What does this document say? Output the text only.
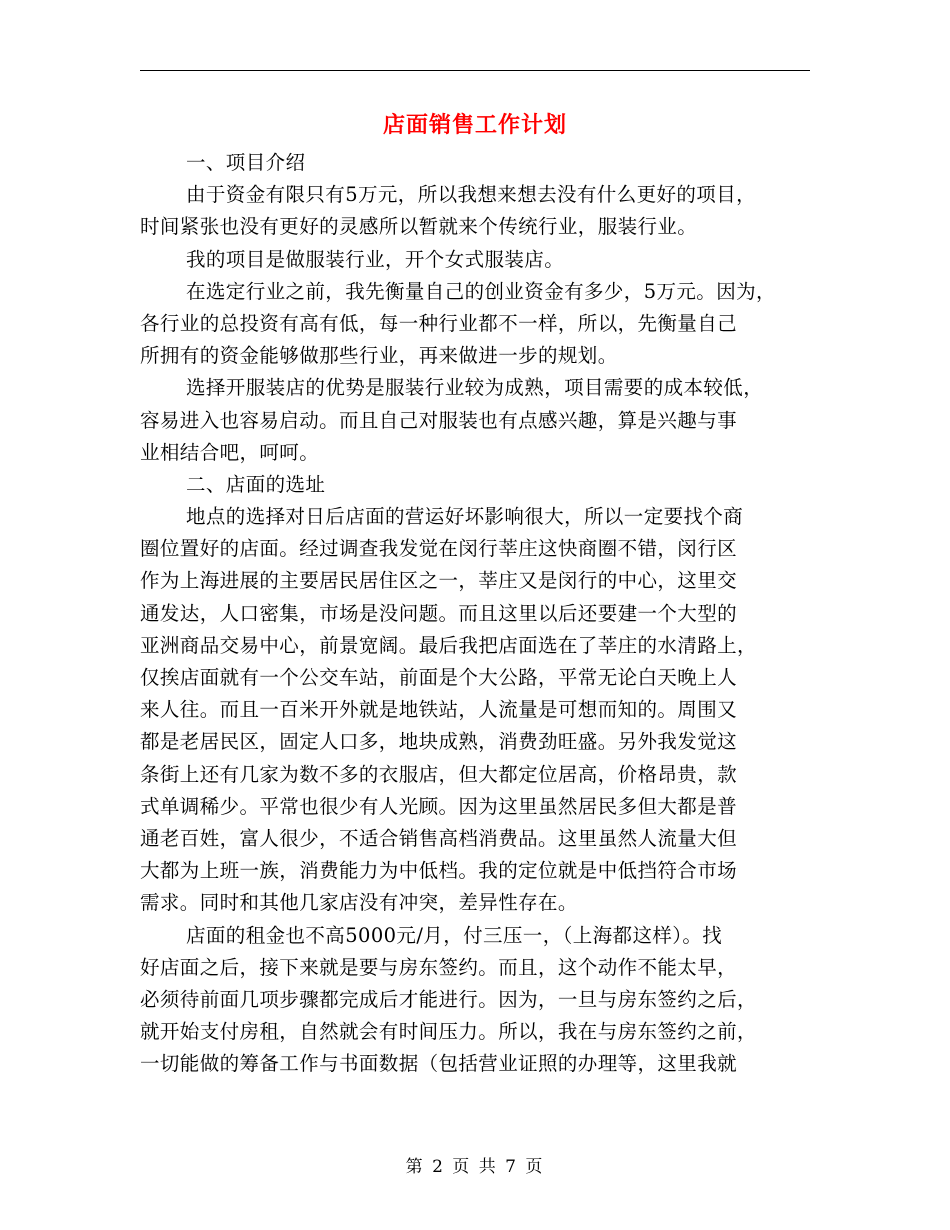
店面销售工作计划
一、项目介绍
由于资金有限只有5万元，所以我想来想去没有什么更好的项目，
时间紧张也没有更好的灵感所以暂就来个传统行业，服装行业。
我的项目是做服装行业，开个女式服装店。
在选定行业之前，我先衡量自己的创业资金有多少，5万元。因为，
各行业的总投资有高有低，每一种行业都不一样，所以，先衡量自己
所拥有的资金能够做那些行业，再来做进一步的规划。
选择开服装店的优势是服装行业较为成熟，项目需要的成本较低，
容易进入也容易启动。而且自己对服装也有点感兴趣，算是兴趣与事
业相结合吧，呵呵。
二、店面的选址
地点的选择对日后店面的营运好坏影响很大，所以一定要找个商
圈位置好的店面。经过调查我发觉在闵行莘庄这快商圈不错，闵行区
作为上海进展的主要居民居住区之一，莘庄又是闵行的中心，这里交
通发达，人口密集，市场是没问题。而且这里以后还要建一个大型的
亚洲商品交易中心，前景宽阔。最后我把店面选在了莘庄的水清路上，
仅挨店面就有一个公交车站，前面是个大公路，平常无论白天晚上人
来人往。而且一百米开外就是地铁站，人流量是可想而知的。周围又
都是老居民区，固定人口多，地块成熟，消费劲旺盛。另外我发觉这
条街上还有几家为数不多的衣服店，但大都定位居高，价格昂贵，款
式单调稀少。平常也很少有人光顾。因为这里虽然居民多但大都是普
通老百姓，富人很少，不适合销售高档消费品。这里虽然人流量大但
大都为上班一族，消费能力为中低档。我的定位就是中低挡符合市场
需求。同时和其他几家店没有冲突，差异性存在。
店面的租金也不高5000元/月，付三压一，（上海都这样）。找
好店面之后，接下来就是要与房东签约。而且，这个动作不能太早，
必须待前面几项步骤都完成后才能进行。因为，一旦与房东签约之后，
就开始支付房租，自然就会有时间压力。所以，我在与房东签约之前，
一切能做的筹备工作与书面数据（包括营业证照的办理等，这里我就
第 2 页 共 7 页
